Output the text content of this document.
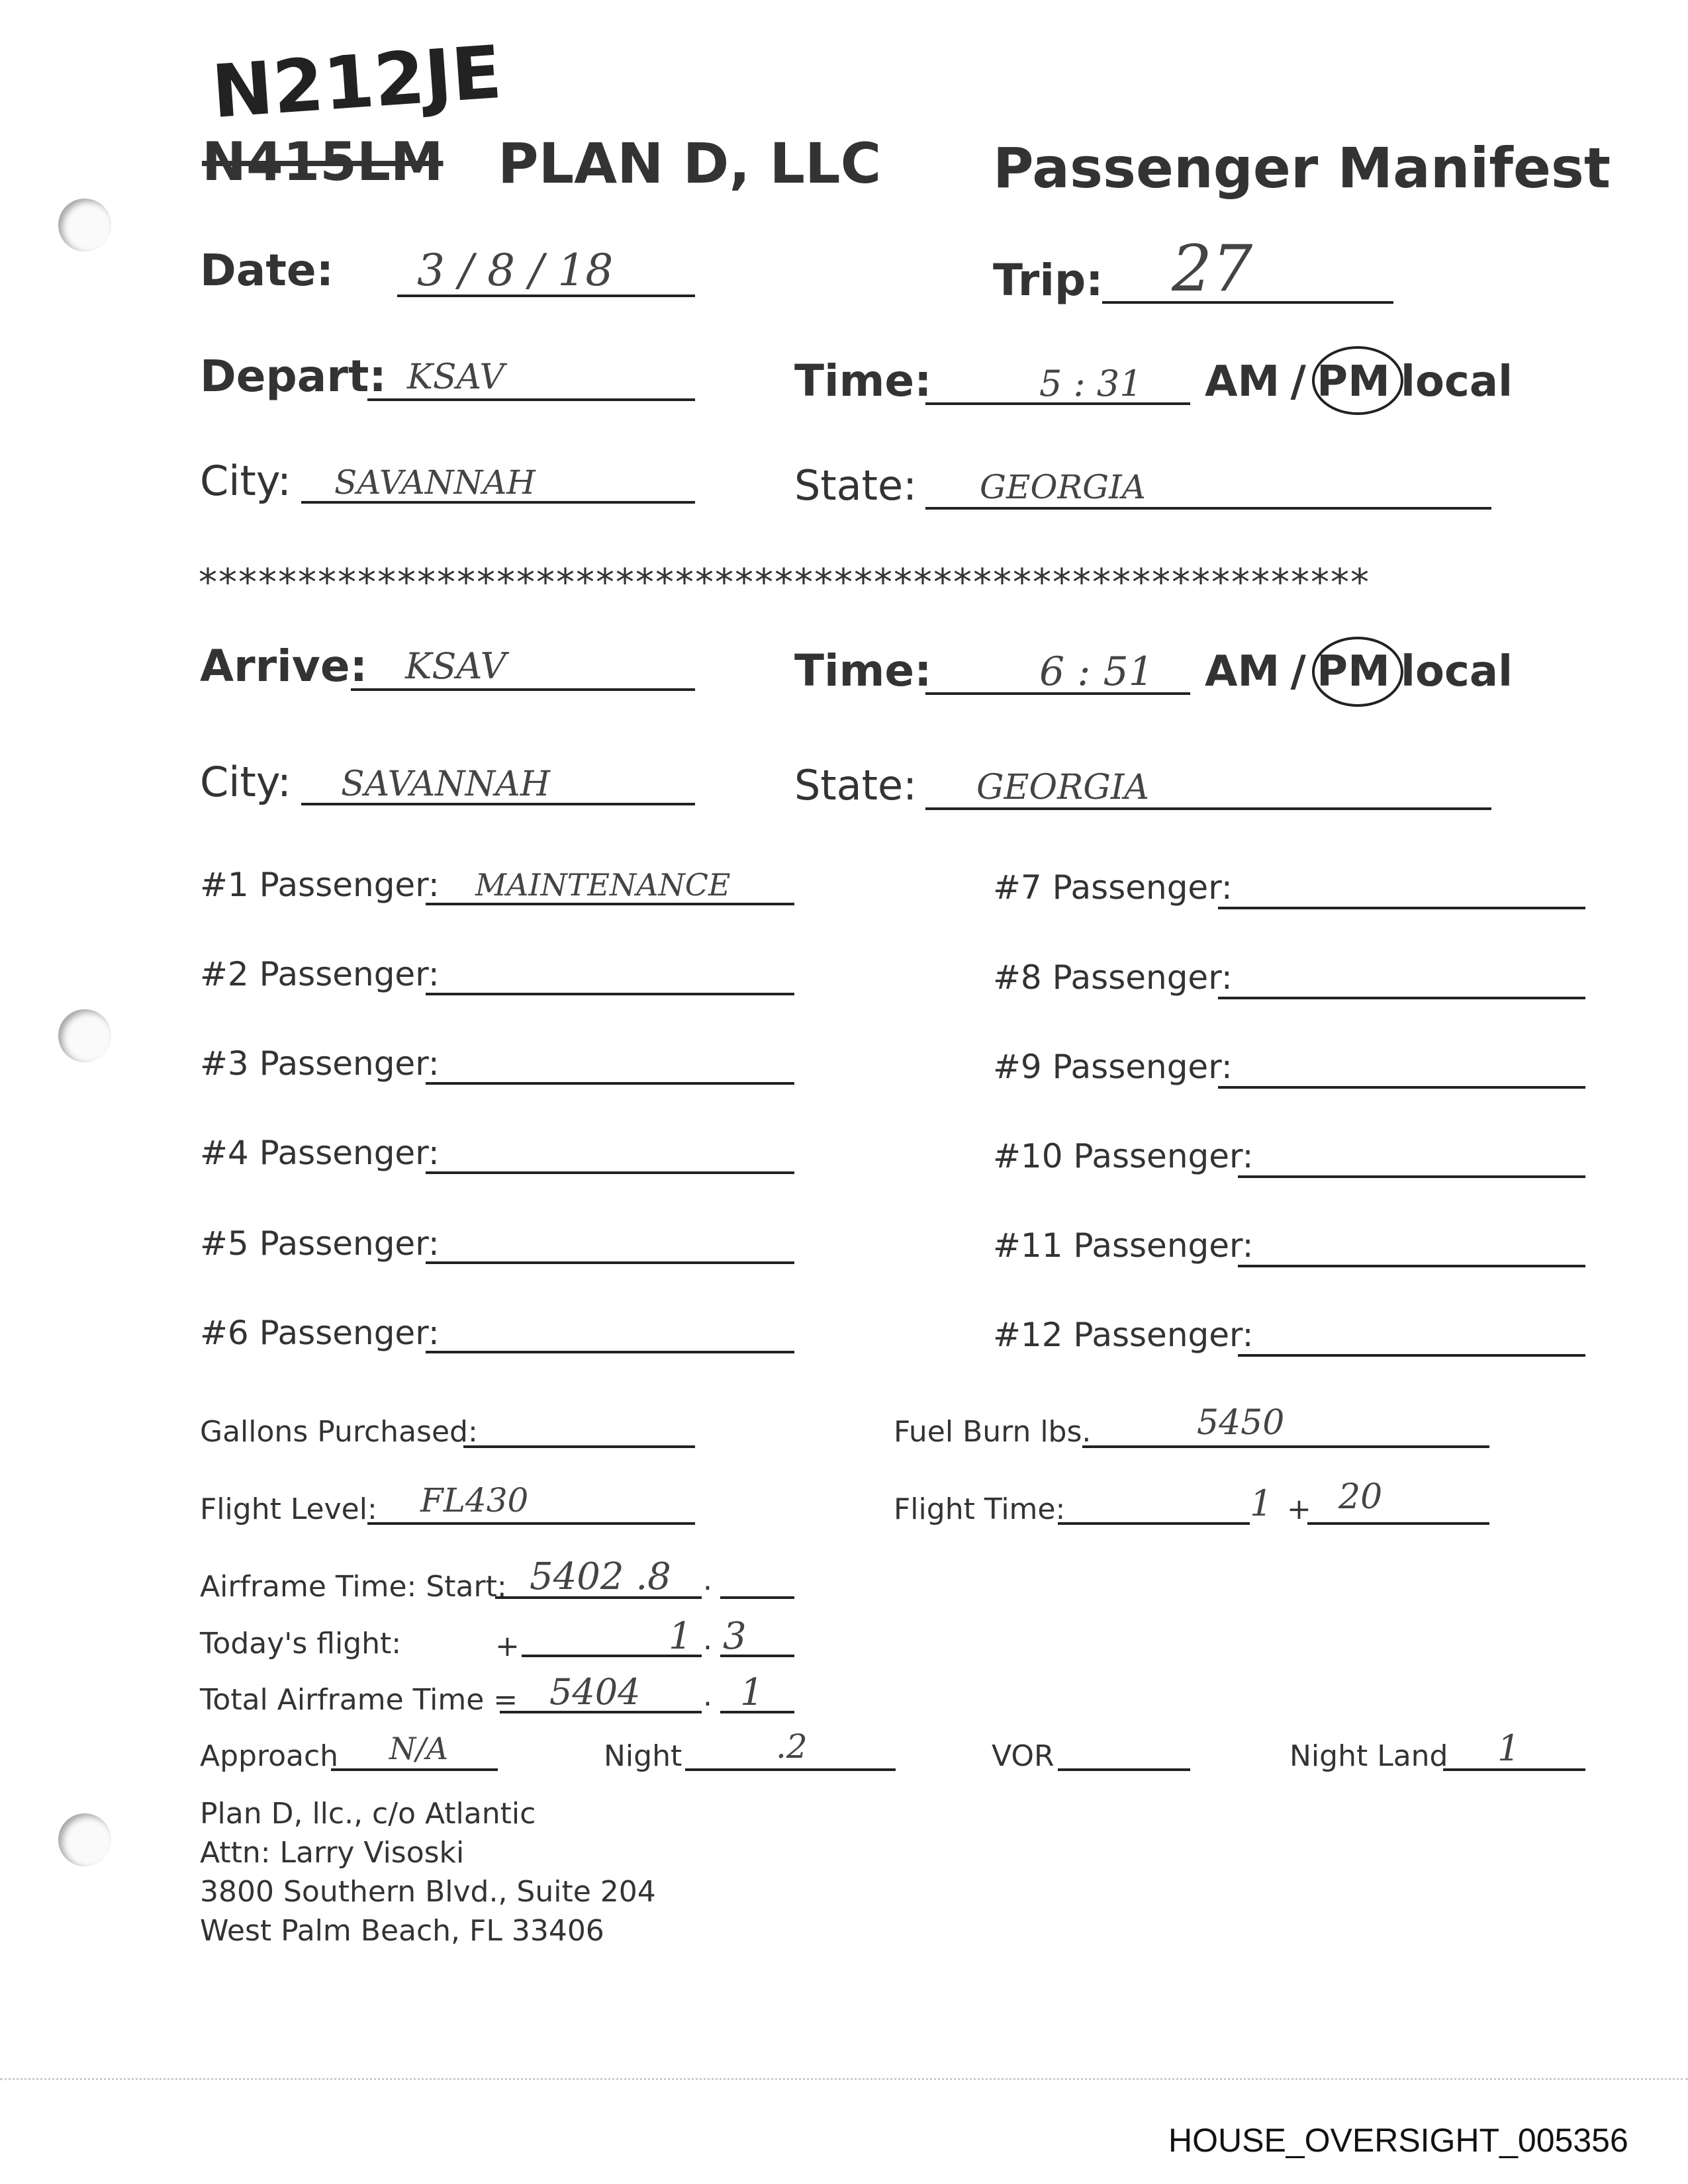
N212JE
N415LM PLAN D, LLC Passenger Manifest
Date: 3 / 8 / 18	Trip: 27
Depart: KSAV	Time:	5 : 31 AM / PM local
City: SAVANNAH	State: GEORGIA
***********************************************************
Arrive: KSAV	Time:	6 : 51 AM / PM local
City: SAVANNAH	State: GEORGIA
#1 Passenger: MAINTENANCE
#2 Passenger:
#3 Passenger:
#4 Passenger:
#5 Passenger:
#6 Passenger:
#7 Passenger:
#8 Passenger:
#9 Passenger:
#10 Passenger:
#11 Passenger:
#12 Passenger:
Gallons Purchased:	Fuel Burn lbs.	5450
Flight Level: FL430	Flight Time:	1 + 20
Airframe Time: Start: 5402 .8 .
Today's flight:	+	1 . 3
Total Airframe Time = 5404 . 1
Approach N/A	Night	.2	VOR	Night Land 1
Plan D, llc., c/o Atlantic
Attn: Larry Visoski
3800 Southern Blvd., Suite 204
West Palm Beach, FL 33406
HOUSE_OVERSIGHT_005356
